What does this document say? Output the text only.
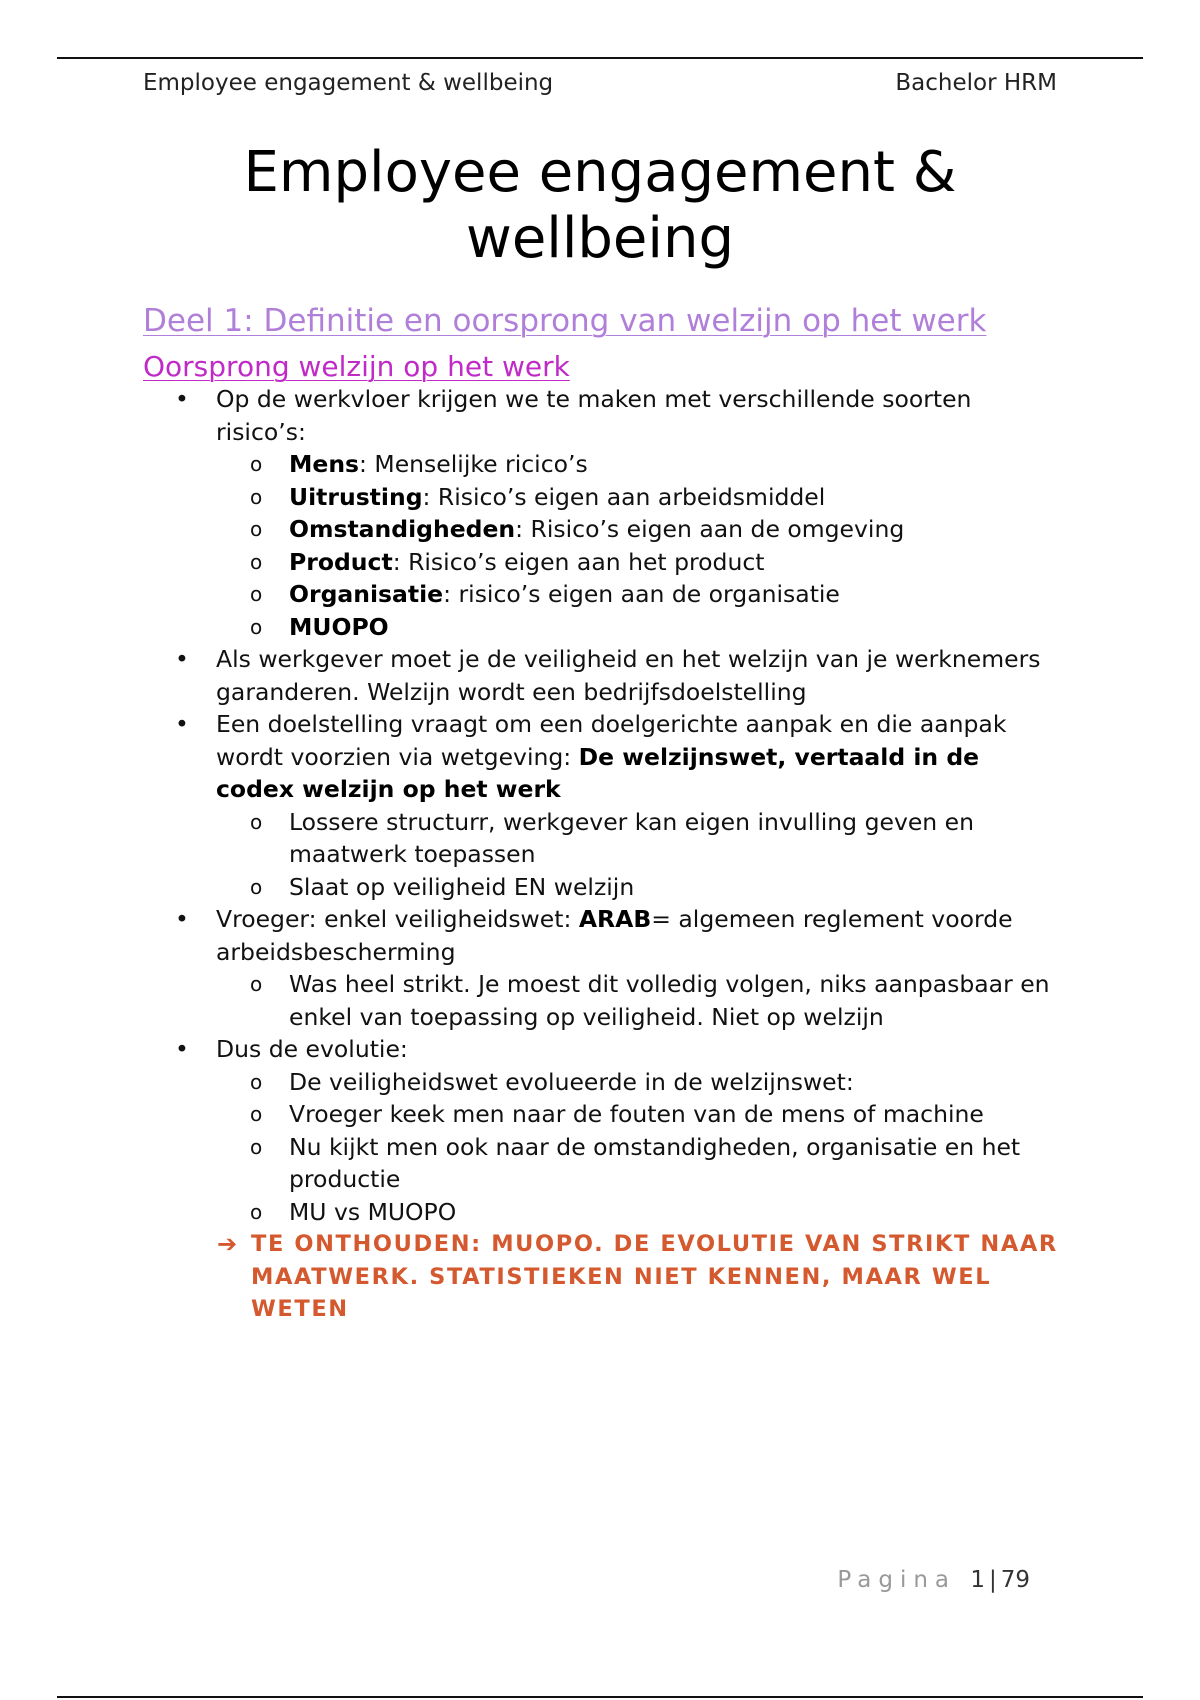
Employee engagement & wellbeing	Bachelor HRM
Employee engagement &
wellbeing
Deel 1: Definitie en oorsprong van welzijn op het werk
Oorsprong welzijn op het werk
• Op de werkvloer krijgen we te maken met verschillende soorten risico’s:
o Mens: Menselijke ricico’s
o Uitrusting: Risico’s eigen aan arbeidsmiddel
o Omstandigheden: Risico’s eigen aan de omgeving
o Product: Risico’s eigen aan het product
o Organisatie: risico’s eigen aan de organisatie
o MUOPO
• Als werkgever moet je de veiligheid en het welzijn van je werknemers garanderen. Welzijn wordt een bedrijfsdoelstelling
• Een doelstelling vraagt om een doelgerichte aanpak en die aanpak wordt voorzien via wetgeving: De welzijnswet, vertaald in de codex welzijn op het werk
o Lossere structurr, werkgever kan eigen invulling geven en maatwerk toepassen
o Slaat op veiligheid EN welzijn
• Vroeger: enkel veiligheidswet: ARAB= algemeen reglement voorde arbeidsbescherming
o Was heel strikt. Je moest dit volledig volgen, niks aanpasbaar en enkel van toepassing op veiligheid. Niet op welzijn
• Dus de evolutie:
o De veiligheidswet evolueerde in de welzijnswet:
o Vroeger keek men naar de fouten van de mens of machine
o Nu kijkt men ook naar de omstandigheden, organisatie en het productie
o MU vs MUOPO
➔ TE ONTHOUDEN: MUOPO. DE EVOLUTIE VAN STRIKT NAAR MAATWERK. STATISTIEKEN NIET KENNEN, MAAR WEL WETEN
Pagina 1 | 79
